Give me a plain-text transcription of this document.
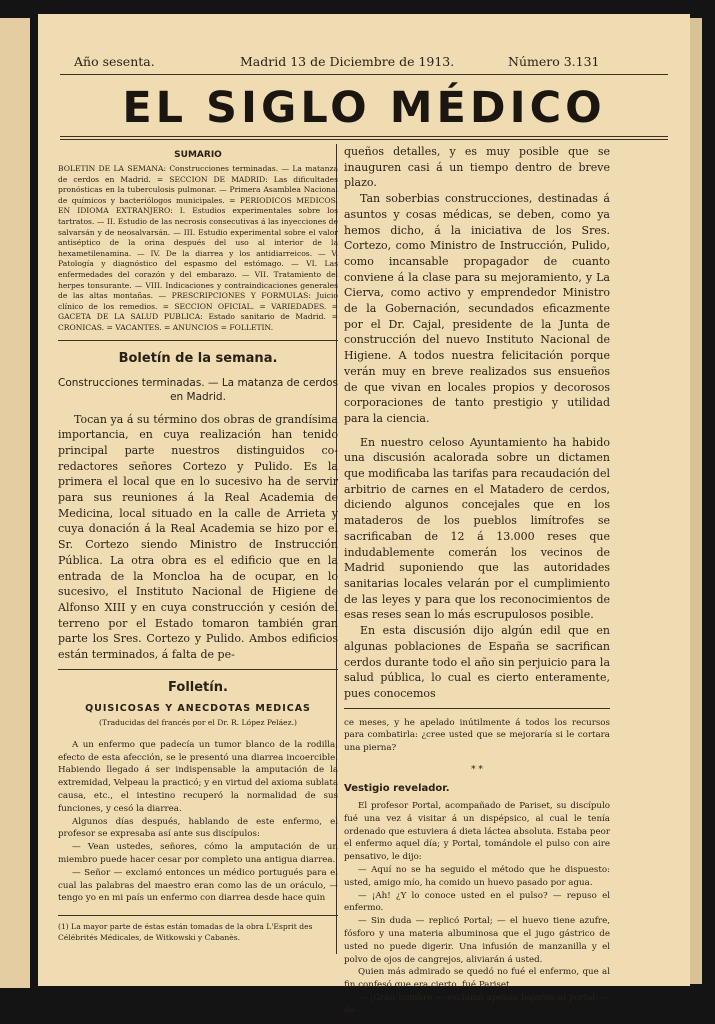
Año sesenta.	Madrid 13 de Diciembre de 1913.	Número 3.131
EL SIGLO MÉDICO
SUMARIO

BOLETIN DE LA SEMANA: Construcciones terminadas. — La matanza de cerdos en Madrid. = SECCION DE MADRID: Las dificultades pronósticas en la tuberculosis pulmonar. — Primera Asamblea Nacional de químicos y bacteriólogos municipales. = PERIODICOS MEDICOS. EN IDIOMA EXTRANJERO: I. Estudios experimentales sobre los tartratos. — II. Estudio de las necrosis consecutivas á las inyecciones de salvarsán y de neosalvarsán. — III. Estudio experimental sobre el valor antiséptico de la orina después del uso al interior de la hexametilenamina. — IV. De la diarrea y los antidiarreicos. — V. Patología y diagnóstico del espasmo del estómago. — VI. Las enfermedades del corazón y del embarazo. — VII. Tratamiento del herpes tonsurante. — VIII. Indicaciones y contraindicaciones generales de las altas montañas. — PRESCRIPCIONES Y FORMULAS: Juicio clínico de los remedios. = SECCION OFICIAL. = VARIEDADES. = GACETA DE LA SALUD PUBLICA: Estado sanitario de Madrid. = CRONICAS. = VACANTES. = ANUNCIOS = FOLLETIN.

Boletín de la semana.

Construcciones terminadas. — La matanza de cerdos en Madrid.

Tocan ya á su término dos obras de grandísima importancia, en cuya realización han tenido principal parte nuestros distinguidos co-redactores señores Cortezo y Pulido. Es la primera el local que en lo sucesivo ha de servir para sus reuniones á la Real Academia de Medicina, local situado en la calle de Arrieta y cuya donación á la Real Academia se hizo por el Sr. Cortezo siendo Ministro de Instrucción Pública. La otra obra es el edificio que en la entrada de la Moncloa ha de ocupar, en lo sucesivo, el Instituto Nacional de Higiene de Alfonso XIII y en cuya construcción y cesión del terreno por el Estado tomaron también gran parte los Sres. Cortezo y Pulido. Ambos edificios están terminados, á falta de pe-

Folletín.

QUISICOSAS Y ANECDOTAS MEDICAS

(Traducidas del francés por el Dr. R. López Peláez.)

A un enfermo que padecía un tumor blanco de la rodilla, efecto de esta afección, se le presentó una diarrea incoercible. Habiendo llegado á ser indispensable la amputación de la extremidad, Velpeau la practicó; y en virtud del axioma sublata causa, etc., el intestino recuperó la normalidad de sus funciones, y cesó la diarrea.

Algunos días después, hablando de este enfermo, el profesor se expresaba así ante sus discípulos:

— Vean ustedes, señores, cómo la amputación de un miembro puede hacer cesar por completo una antigua diarrea.

— Señor — exclamó entonces un médico portugués para el cual las palabras del maestro eran como las de un oráculo, — tengo yo en mi país un enfermo con diarrea desde hace quin

(1) La mayor parte de éstas están tomadas de la obra L'Esprit des Célébrités Médicales, de Witkowski y Cabanès.

queños detalles, y es muy posible que se inauguren casi á un tiempo dentro de breve plazo.

Tan soberbias construcciones, destinadas á asuntos y cosas médicas, se deben, como ya hemos dicho, á la iniciativa de los Sres. Cortezo, como Ministro de Instrucción, Pulido, como incansable propagador de cuanto conviene á la clase para su mejoramiento, y La Cierva, como activo y emprendedor Ministro de la Gobernación, secundados eficazmente por el Dr. Cajal, presidente de la Junta de construcción del nuevo Instituto Nacional de Higiene. A todos nuestra felicitación porque verán muy en breve realizados sus ensueños de que vivan en locales propios y decorosos corporaciones de tanto prestigio y utilidad para la ciencia.

En nuestro celoso Ayuntamiento ha habido una discusión acalorada sobre un dictamen que modificaba las tarifas para recaudación del arbitrio de carnes en el Matadero de cerdos, diciendo algunos concejales que en los mataderos de los pueblos limítrofes se sacrificaban de 12 á 13.000 reses que indudablemente comerán los vecinos de Madrid suponiendo que las autoridades sanitarias locales velarán por el cumplimiento de las leyes y para que los reconocimientos de esas reses sean lo más escrupulosos posible.

En esta discusión dijo algún edil que en algunas poblaciones de España se sacrifican cerdos durante todo el año sin perjuicio para la salud pública, lo cual es cierto enteramente, pues conocemos

ce meses, y he apelado inútilmente á todos los recursos para combatirla: ¿cree usted que se mejoraría si le cortara una pierna?

* *
Vestigio revelador.

El profesor Portal, acompañado de Pariset, su discípulo fué una vez á visitar á un dispépsico, al cual le tenía ordenado que estuviera á dieta láctea absoluta. Estaba peor el enfermo aquel día; y Portal, tomándole el pulso con aire pensativo, le dijo:

— Aquí no se ha seguido el método que he dispuesto: usted, amigo mío, ha comido un huevo pasado por agua.

— ¡Ah! ¿Y lo conoce usted en el pulso? — repuso el enfermo.

— Sin duda — replicó Portal; — el huevo tiene azufre, fósforo y una materia albuminosa que el jugo gástrico de usted no puede digerir. Una infusión de manzanilla y el polvo de ojos de cangrejos, aliviarán á usted.

Quien más admirado se quedó no fué el enfermo, que al fin confesó que era cierto, fué Pariset.

— ¡Gran hombre — exclamó apenas bajaron al portal: — de-
